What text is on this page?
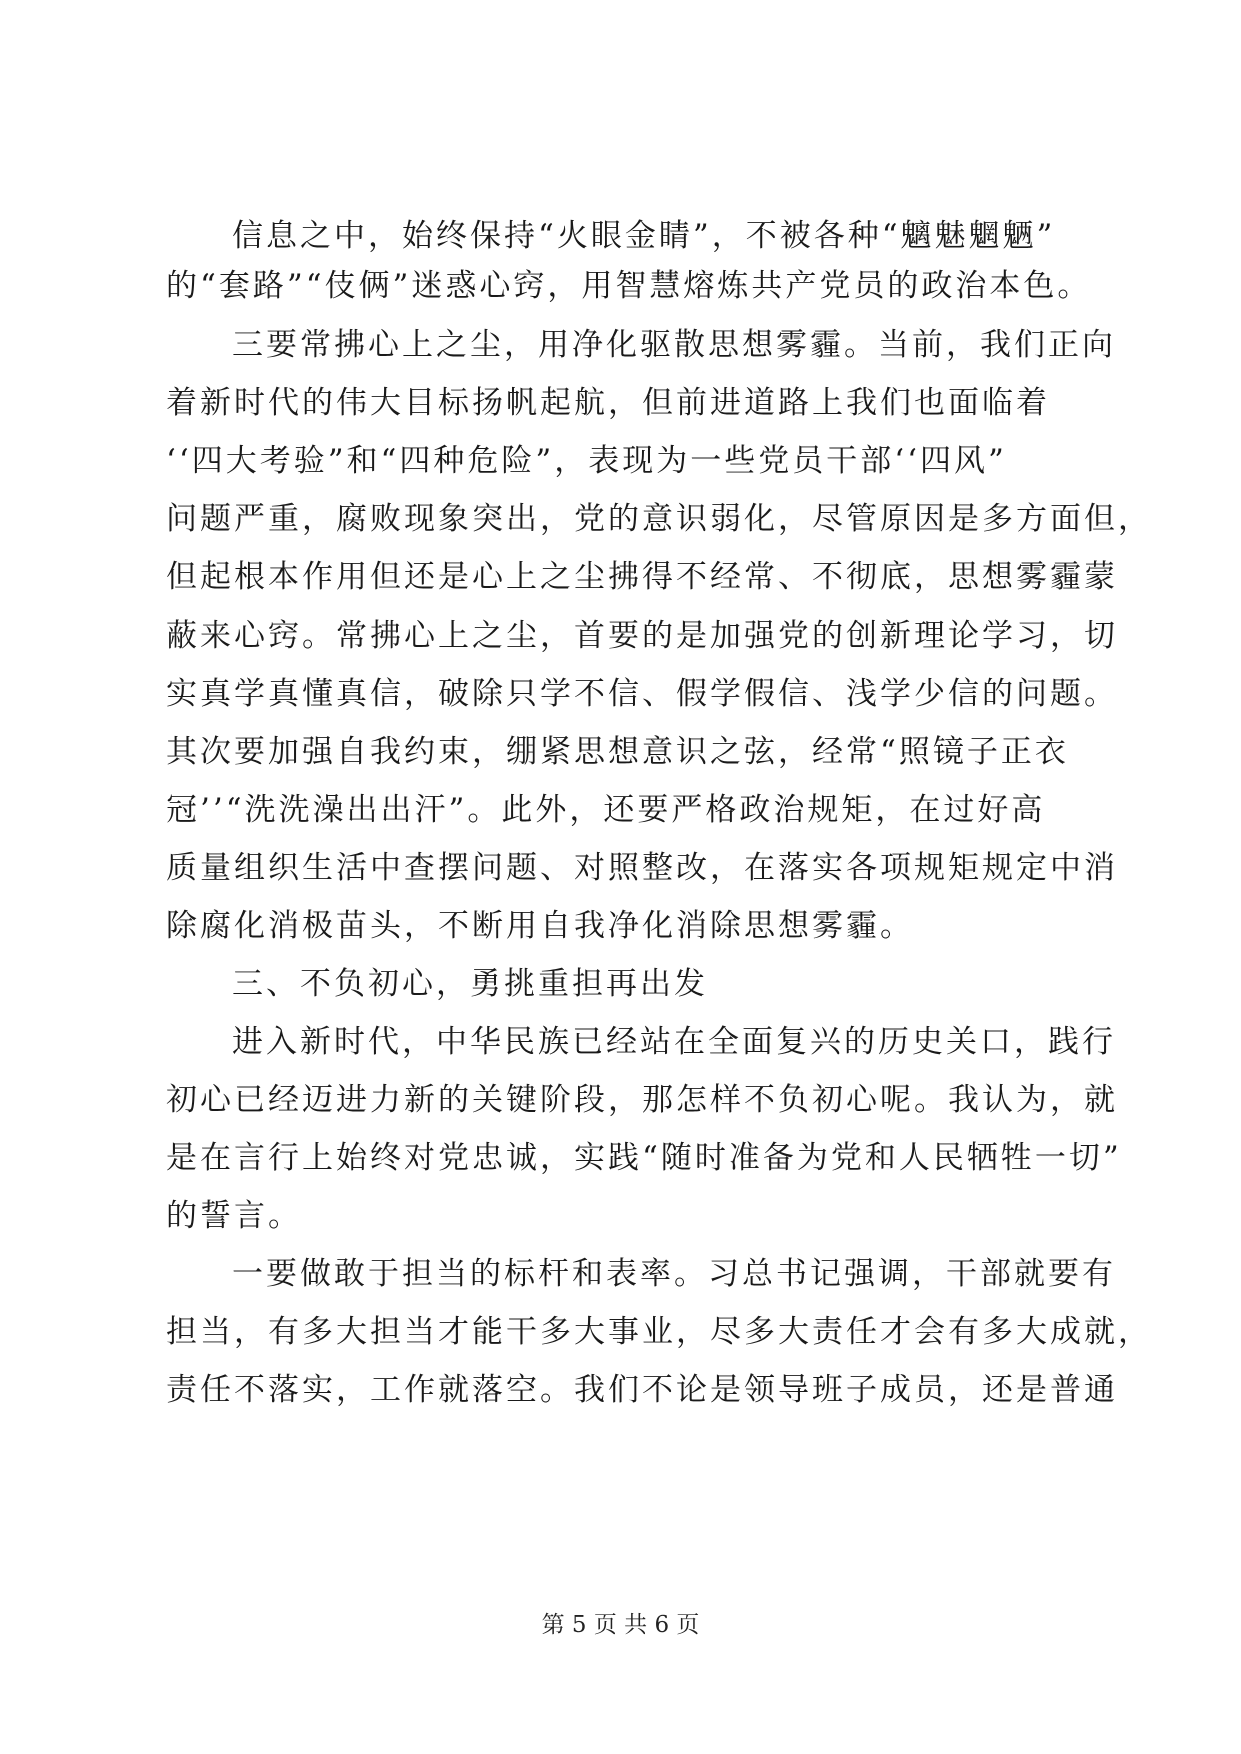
信息之中，始终保持“火眼金睛”，不被各种“魑魅魍魉”
的“套路”“伎俩”迷惑心窍，用智慧熔炼共产党员的政治本色。
三要常拂心上之尘，用净化驱散思想雾霾。当前，我们正向
着新时代的伟大目标扬帆起航，但前进道路上我们也面临着
‘‘四大考验”和“四种危险”，表现为一些党员干部‘‘四风”
问题严重，腐败现象突出，党的意识弱化，尽管原因是多方面但，
但起根本作用但还是心上之尘拂得不经常、不彻底，思想雾霾蒙
蔽来心窍。常拂心上之尘，首要的是加强党的创新理论学习，切
实真学真懂真信，破除只学不信、假学假信、浅学少信的问题。
其次要加强自我约束，绷紧思想意识之弦，经常“照镜子正衣
冠’’“洗洗澡出出汗”。此外，还要严格政治规矩，在过好高
质量组织生活中查摆问题、对照整改，在落实各项规矩规定中消
除腐化消极苗头，不断用自我净化消除思想雾霾。
三、不负初心，勇挑重担再出发
进入新时代，中华民族已经站在全面复兴的历史关口，践行
初心已经迈进力新的关键阶段，那怎样不负初心呢。我认为，就
是在言行上始终对党忠诚，实践“随时准备为党和人民牺牲一切”
的誓言。
一要做敢于担当的标杆和表率。习总书记强调，干部就要有
担当，有多大担当才能干多大事业，尽多大责任才会有多大成就，
责任不落实，工作就落空。我们不论是领导班子成员，还是普通
第 5 页 共 6 页
